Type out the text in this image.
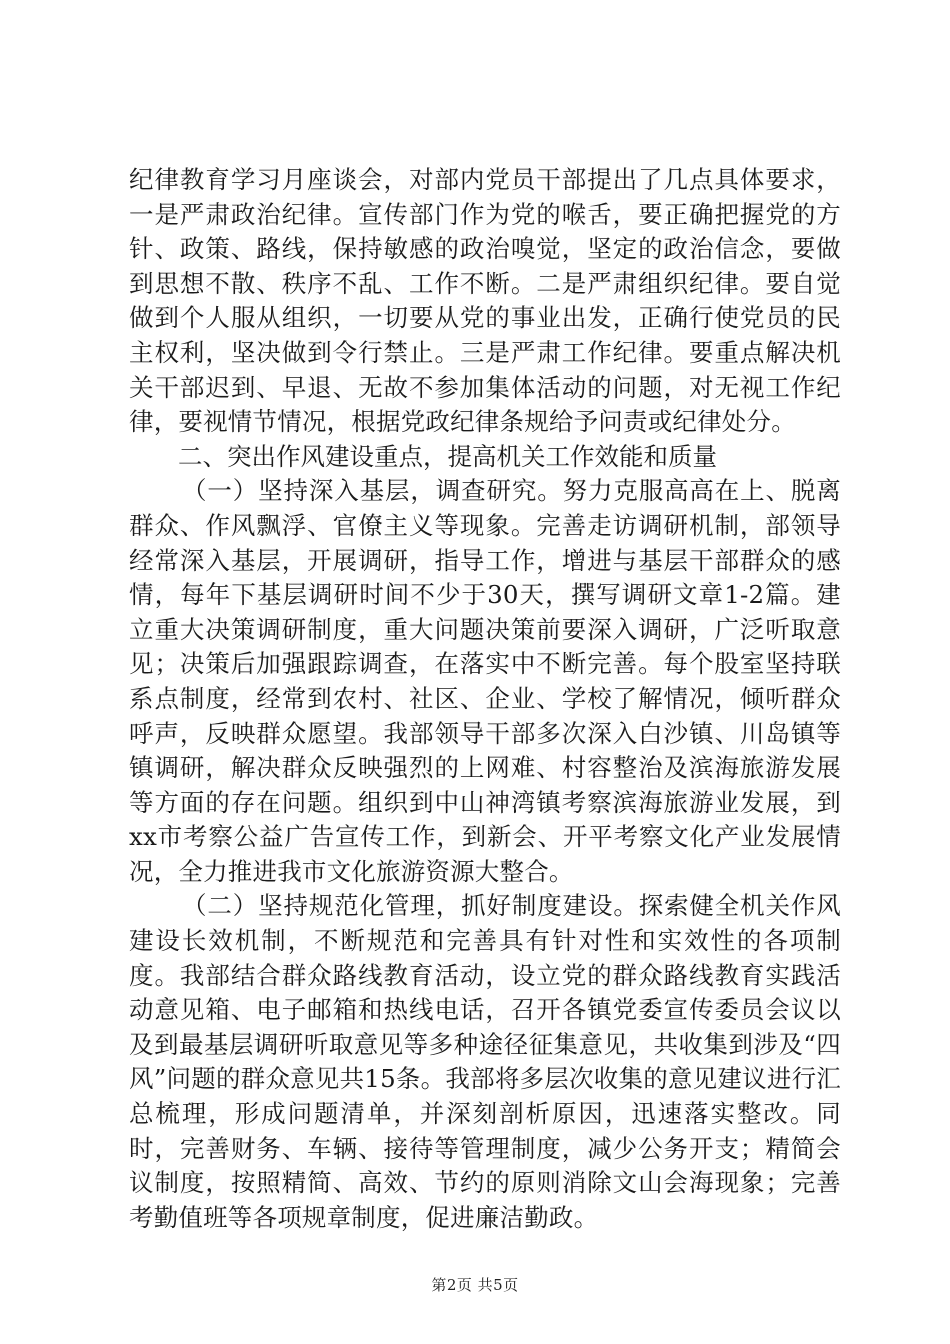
纪律教育学习月座谈会，对部内党员干部提出了几点具体要求，一是严肃政治纪律。宣传部门作为党的喉舌，要正确把握党的方针、政策、路线，保持敏感的政治嗅觉，坚定的政治信念，要做到思想不散、秩序不乱、工作不断。二是严肃组织纪律。要自觉做到个人服从组织，一切要从党的事业出发，正确行使党员的民主权利，坚决做到令行禁止。三是严肃工作纪律。要重点解决机关干部迟到、早退、无故不参加集体活动的问题，对无视工作纪律，要视情节情况，根据党政纪律条规给予问责或纪律处分。

二、突出作风建设重点，提高机关工作效能和质量

（一）坚持深入基层，调查研究。努力克服高高在上、脱离群众、作风飘浮、官僚主义等现象。完善走访调研机制，部领导经常深入基层，开展调研，指导工作，增进与基层干部群众的感情，每年下基层调研时间不少于30天，撰写调研文章1-2篇。建立重大决策调研制度，重大问题决策前要深入调研，广泛听取意见；决策后加强跟踪调查，在落实中不断完善。每个股室坚持联系点制度，经常到农村、社区、企业、学校了解情况，倾听群众呼声，反映群众愿望。我部领导干部多次深入白沙镇、川岛镇等镇调研，解决群众反映强烈的上网难、村容整治及滨海旅游发展等方面的存在问题。组织到中山神湾镇考察滨海旅游业发展，到xx市考察公益广告宣传工作，到新会、开平考察文化产业发展情况，全力推进我市文化旅游资源大整合。

（二）坚持规范化管理，抓好制度建设。探索健全机关作风建设长效机制，不断规范和完善具有针对性和实效性的各项制度。我部结合群众路线教育活动，设立党的群众路线教育实践活动意见箱、电子邮箱和热线电话，召开各镇党委宣传委员会议以及到最基层调研听取意见等多种途径征集意见，共收集到涉及“四风”问题的群众意见共15条。我部将多层次收集的意见建议进行汇总梳理，形成问题清单，并深刻剖析原因，迅速落实整改。同时，完善财务、车辆、接待等管理制度，减少公务开支；精简会议制度，按照精简、高效、节约的原则消除文山会海现象；完善考勤值班等各项规章制度，促进廉洁勤政。

第2页 共5页
